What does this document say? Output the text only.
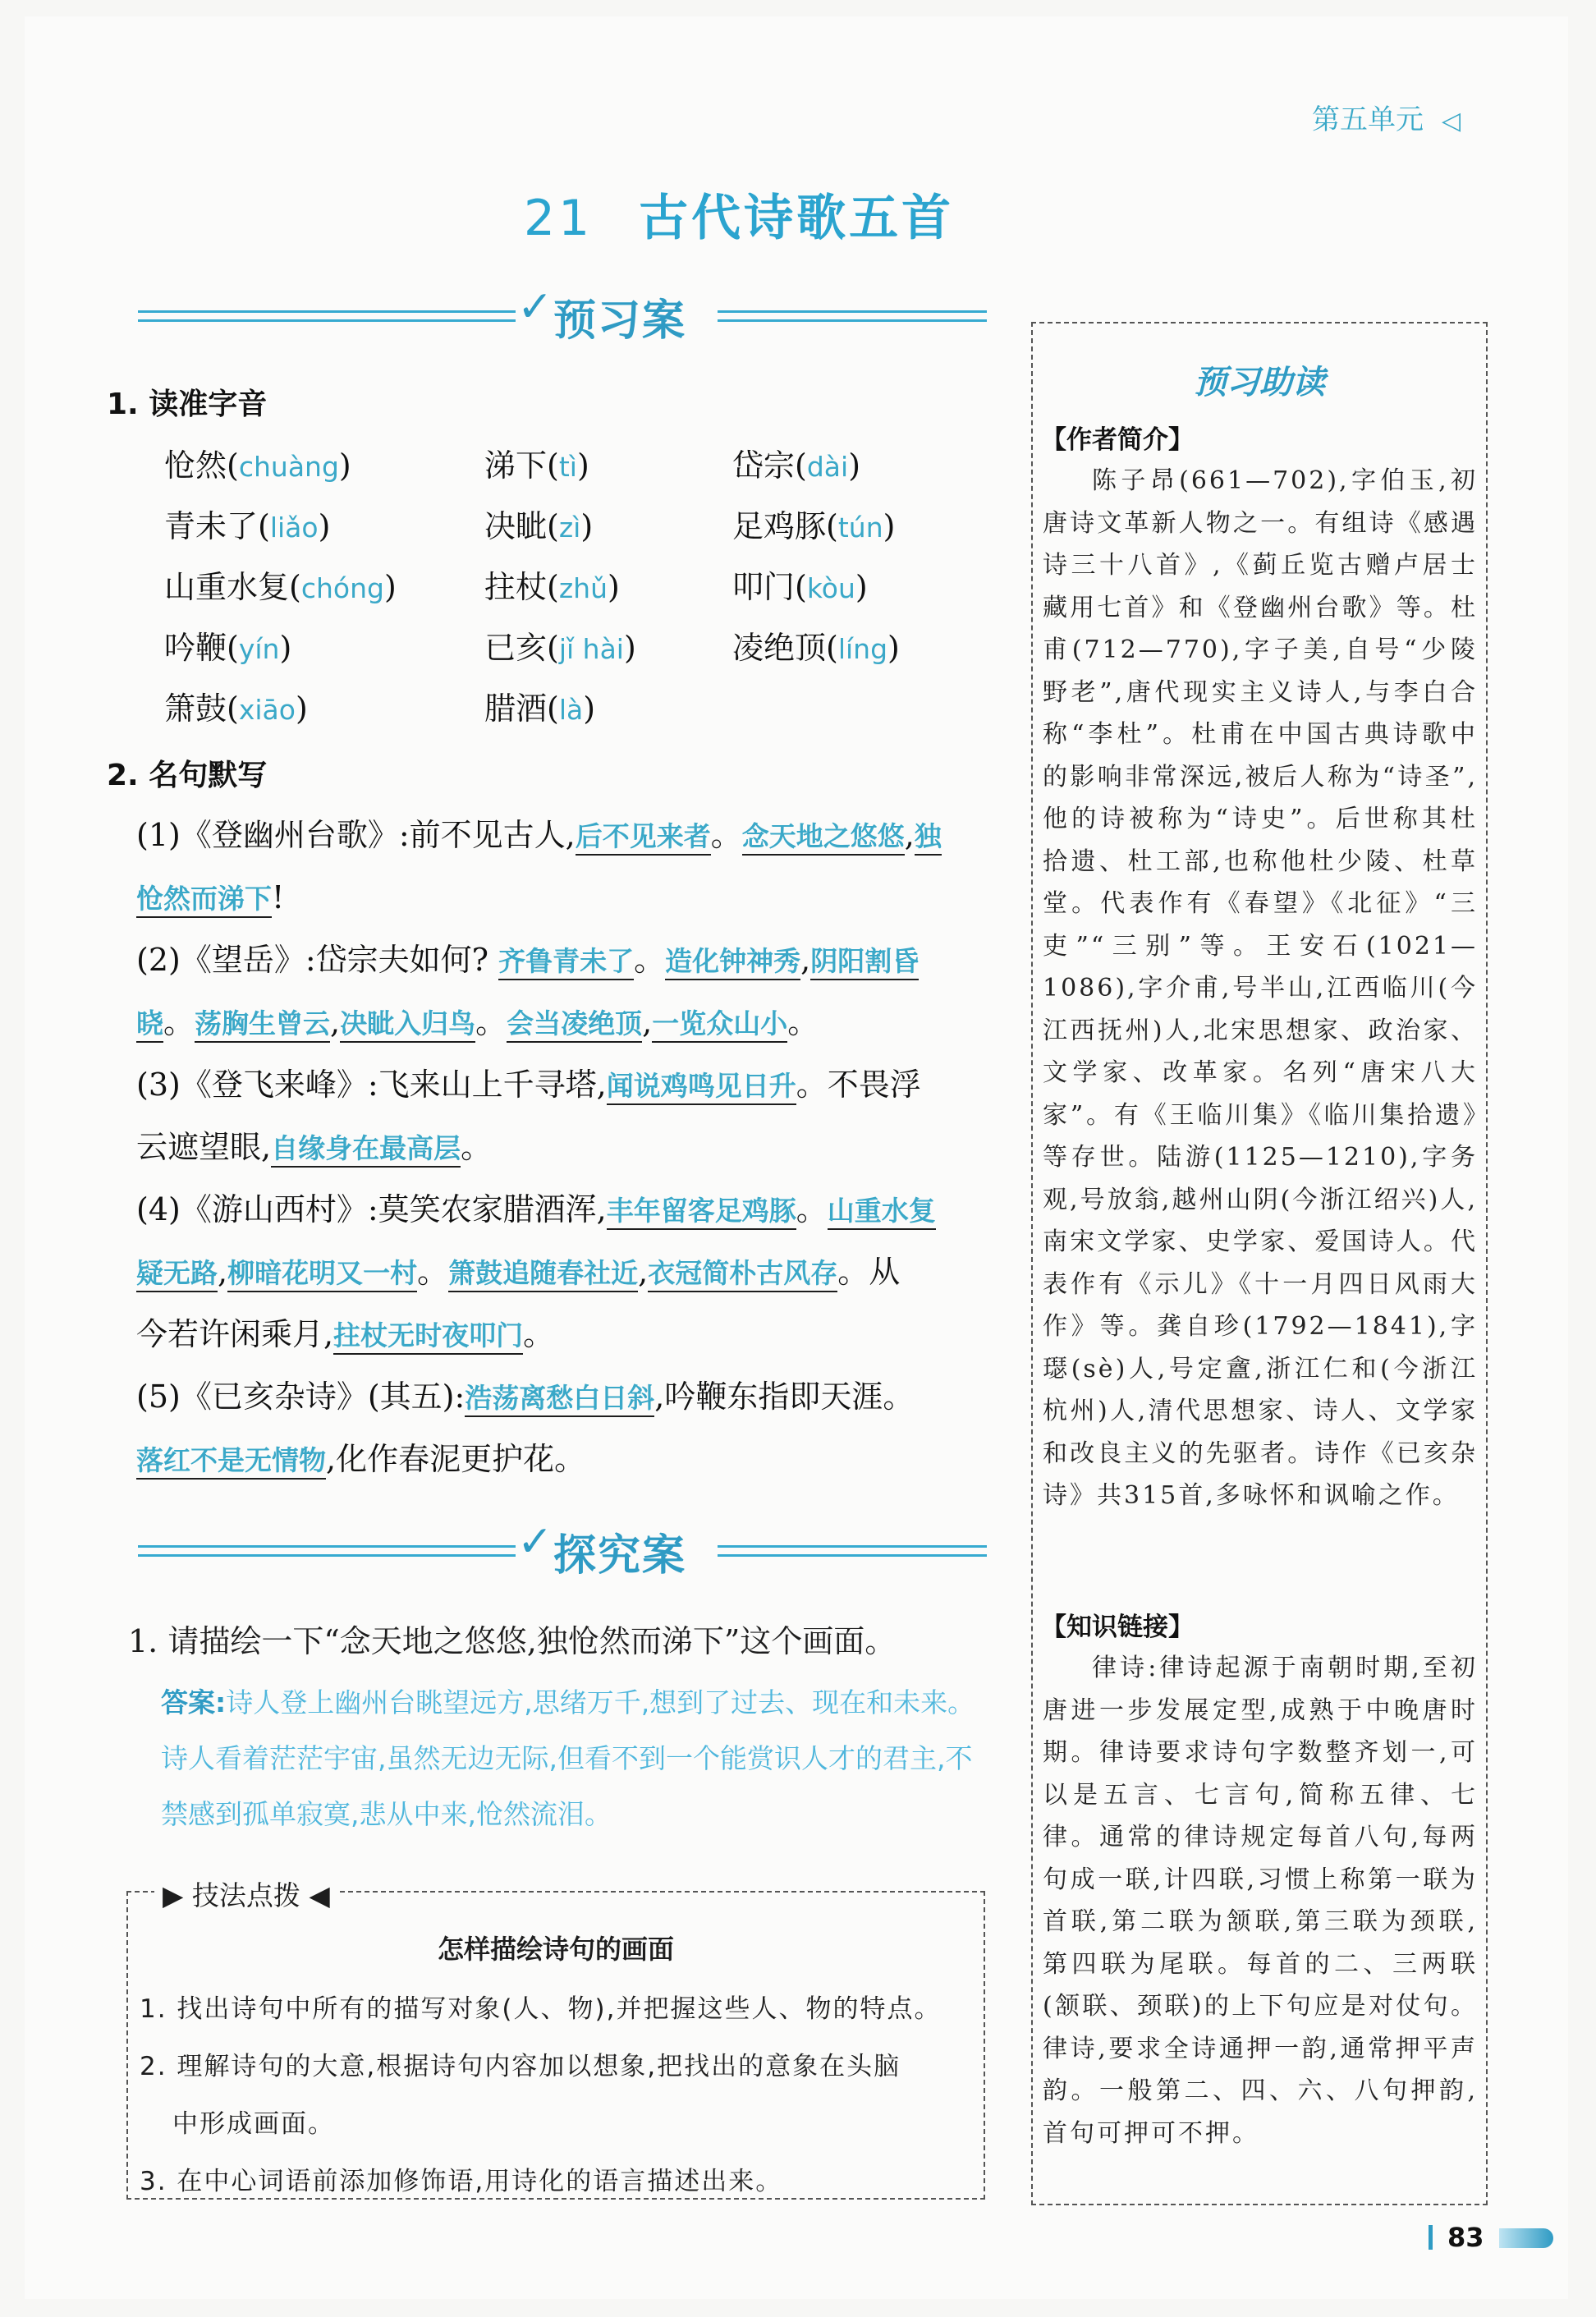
第五单元 ◁
21 古代诗歌五首
✓ 预习案
1. 读准字音
怆然(chuàng)	涕下(tì)	岱宗(dài)
青未了(liǎo)	决眦(zì)	足鸡豚(tún)
山重水复(chóng)	拄杖(zhǔ)	叩门(kòu)
吟鞭(yín)	已亥(jǐ hài)	凌绝顶(líng)
箫鼓(xiāo)	腊酒(là)
2. 名句默写
(1)《登幽州台歌》:前不见古人,后不见来者。念天地之悠悠,独
怆然而涕下!
(2)《望岳》:岱宗夫如何? 齐鲁青未了。造化钟神秀,阴阳割昏
晓。荡胸生曾云,决眦入归鸟。会当凌绝顶,一览众山小。
(3)《登飞来峰》:飞来山上千寻塔,闻说鸡鸣见日升。不畏浮
云遮望眼,自缘身在最高层。
(4)《游山西村》:莫笑农家腊酒浑,丰年留客足鸡豚。山重水复
疑无路,柳暗花明又一村。箫鼓追随春社近,衣冠简朴古风存。从
今若许闲乘月,拄杖无时夜叩门。
(5)《已亥杂诗》(其五):浩荡离愁白日斜,吟鞭东指即天涯。
落红不是无情物,化作春泥更护花。
✓ 探究案
1. 请描绘一下“念天地之悠悠,独怆然而涕下”这个画面。
答案:诗人登上幽州台眺望远方,思绪万千,想到了过去、现在和未来。诗人看着茫茫宇宙,虽然无边无际,但看不到一个能赏识人才的君主,不禁感到孤单寂寞,悲从中来,怆然流泪。
▶ 技法点拨 ◀
怎样描绘诗句的画面
1. 找出诗句中所有的描写对象(人、物),并把握这些人、物的特点。
2. 理解诗句的大意,根据诗句内容加以想象,把找出的意象在头脑
中形成画面。
3. 在中心词语前添加修饰语,用诗化的语言描述出来。
预习助读
【作者简介】
陈子昂(661—702),字伯玉,初唐诗文革新人物之一。有组诗《感遇诗三十八首》,《蓟丘览古赠卢居士藏用七首》和《登幽州台歌》等。杜甫(712—770),字子美,自号“少陵野老”,唐代现实主义诗人,与李白合称“李杜”。杜甫在中国古典诗歌中的影响非常深远,被后人称为“诗圣”,他的诗被称为“诗史”。后世称其杜拾遗、杜工部,也称他杜少陵、杜草堂。代表作有《春望》《北征》“三吏”“三别”等。王安石(1021—1086),字介甫,号半山,江西临川(今江西抚州)人,北宋思想家、政治家、文学家、改革家。名列“唐宋八大家”。有《王临川集》《临川集拾遗》等存世。陆游(1125—1210),字务观,号放翁,越州山阴(今浙江绍兴)人,南宋文学家、史学家、爱国诗人。代表作有《示儿》《十一月四日风雨大作》等。龚自珍(1792—1841),字璱(sè)人,号定盦,浙江仁和(今浙江杭州)人,清代思想家、诗人、文学家和改良主义的先驱者。诗作《已亥杂诗》共315首,多咏怀和讽喻之作。
【知识链接】
律诗:律诗起源于南朝时期,至初唐进一步发展定型,成熟于中晚唐时期。律诗要求诗句字数整齐划一,可以是五言、七言句,简称五律、七律。通常的律诗规定每首八句,每两句成一联,计四联,习惯上称第一联为首联,第二联为颔联,第三联为颈联,第四联为尾联。每首的二、三两联(颔联、颈联)的上下句应是对仗句。律诗,要求全诗通押一韵,通常押平声韵。一般第二、四、六、八句押韵,首句可押可不押。
83
